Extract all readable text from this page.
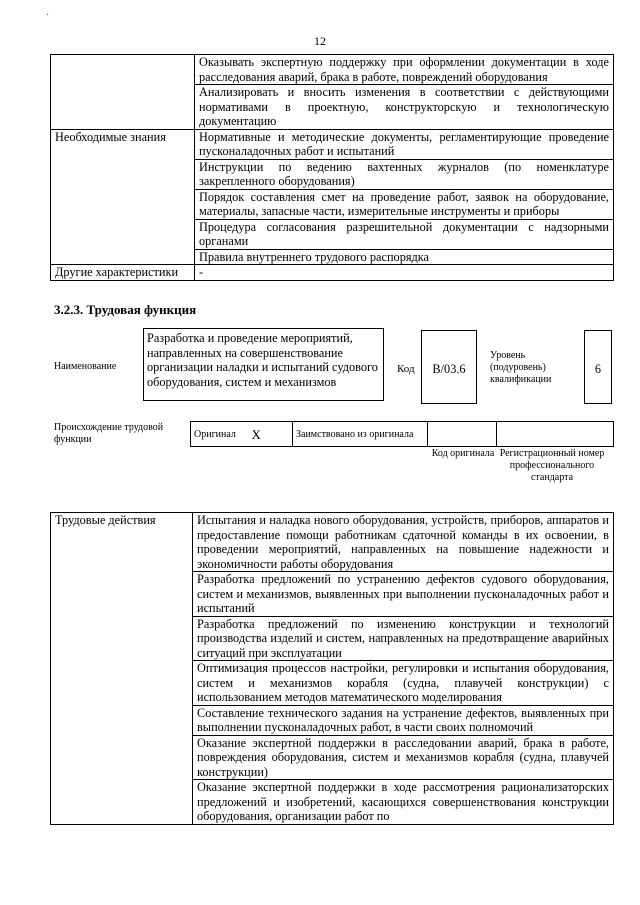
·
12
	Оказывать экспертную поддержку при оформлении документации в ходе расследования аварий, брака в работе, повреждений оборудования
	Анализировать и вносить изменения в соответствии с действующими нормативами в проектную, конструкторскую и технологическую документацию
Необходимые знания	Нормативные и методические документы, регламентирующие проведение пусконаладочных работ и испытаний
	Инструкции по ведению вахтенных журналов (по номенклатуре закрепленного оборудования)
	Порядок составления смет на проведение работ, заявок на оборудование, материалы, запасные части, измерительные инструменты и приборы
	Процедура согласования разрешительной документации с надзорными органами
	Правила внутреннего трудового распорядка
Другие характеристики	-
3.2.3. Трудовая функция
Наименование
Разработка и проведение мероприятий, направленных на совершенствование организации наладки и испытаний судового оборудования, систем и механизмов
Код	B/03.6
Уровень (подуровень) квалификации
6
Происхождение трудовой функции	Оригинал	X	Заимствовано из оригинала		
Код оригинала Регистрационный номер профессионального стандарта
Трудовые действия	Испытания и наладка нового оборудования, устройств, приборов, аппаратов и предоставление помощи работникам сдаточной команды в их освоении, в проведении мероприятий, направленных на повышение надежности и экономичности работы оборудования
Разработка предложений по устранению дефектов судового оборудования, систем и механизмов, выявленных при выполнении пусконаладочных работ и испытаний
Разработка предложений по изменению конструкции и технологий производства изделий и систем, направленных на предотвращение аварийных ситуаций при эксплуатации
Оптимизация процессов настройки, регулировки и испытания оборудования, систем и механизмов корабля (судна, плавучей конструкции) с использованием методов математического моделирования
Составление технического задания на устранение дефектов, выявленных при выполнении пусконаладочных работ, в части своих полномочий
Оказание экспертной поддержки в расследовании аварий, брака в работе, повреждения оборудования, систем и механизмов корабля (судна, плавучей конструкции)
Оказание экспертной поддержки в ходе рассмотрения рационализаторских предложений и изобретений, касающихся совершенствования конструкции оборудования, организации работ по
